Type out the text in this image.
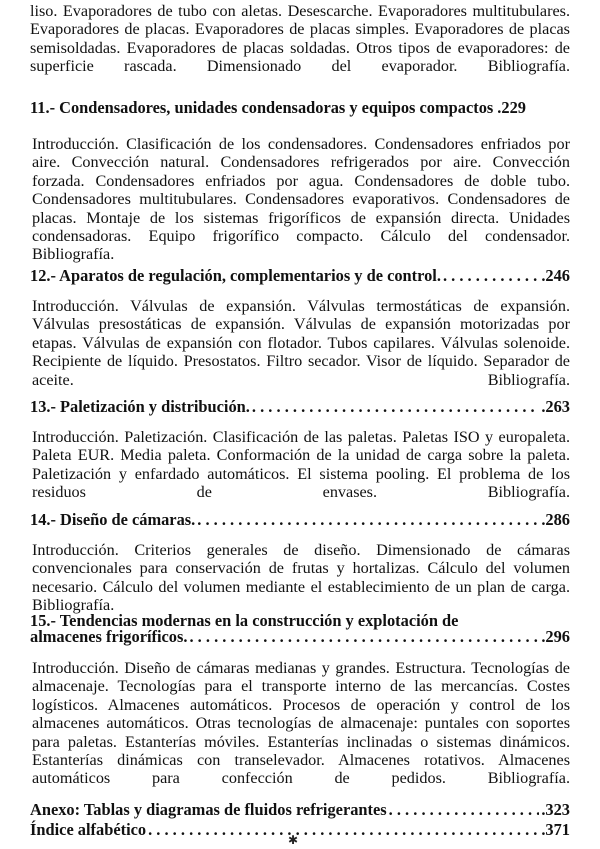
liso. Evaporadores de tubo con aletas. Desescarche. Evaporadores multitubulares. Evaporadores de placas. Evaporadores de placas simples. Evaporadores de placas semisoldadas. Evaporadores de placas soldadas. Otros tipos de evaporadores: de superficie rascada. Dimensionado del evaporador. Bibliografía.

11.- Condensadores, unidades condensadoras y equipos compactos .229

Introducción. Clasificación de los condensadores. Condensadores enfriados por aire. Convección natural. Condensadores refrigerados por aire. Convección forzada. Condensadores enfriados por agua. Condensadores de doble tubo. Condensadores multitubulares. Condensadores evaporativos. Condensadores de placas. Montaje de los sistemas frigoríficos de expansión directa. Unidades condensadoras. Equipo frigorífico compacto. Cálculo del condensador. Bibliografía.

12.- Aparatos de regulación, complementarios y de control. . . .	.246

Introducción. Válvulas de expansión. Válvulas termostáticas de expansión. Válvulas presostáticas de expansión. Válvulas de expansión motorizadas por etapas. Válvulas de expansión con flotador. Tubos capilares. Válvulas solenoide. Recipiente de líquido. Presostatos. Filtro secador. Visor de líquido. Separador de aceite. Bibliografía.

13.- Paletización y distribución. . . .	.263

Introducción. Paletización. Clasificación de las paletas. Paletas ISO y europaleta. Paleta EUR. Media paleta. Conformación de la unidad de carga sobre la paleta. Paletización y enfardado automáticos. El sistema pooling. El problema de los residuos de envases. Bibliografía.

14.- Diseño de cámaras. . . .	.286

Introducción. Criterios generales de diseño. Dimensionado de cámaras convencionales para conservación de frutas y hortalizas. Cálculo del volumen necesario. Cálculo del volumen mediante el establecimiento de un plan de carga. Bibliografía.

15.- Tendencias modernas en la construcción y explotación de
almacenes frigoríficos. . . .	.296

Introducción. Diseño de cámaras medianas y grandes. Estructura. Tecnologías de almacenaje. Tecnologías para el transporte interno de las mercancías. Costes logísticos. Almacenes automáticos. Procesos de operación y control de los almacenes automáticos. Otras tecnologías de almacenaje: puntales con soportes para paletas. Estanterías móviles. Estanterías inclinadas o sistemas dinámicos. Estanterías dinámicas con transelevador. Almacenes rotativos. Almacenes automáticos para confección de pedidos. Bibliografía.

Anexo: Tablas y diagramas de fluidos refrigerantes . . .	.323
Índice alfabético . . .	.371
✱
